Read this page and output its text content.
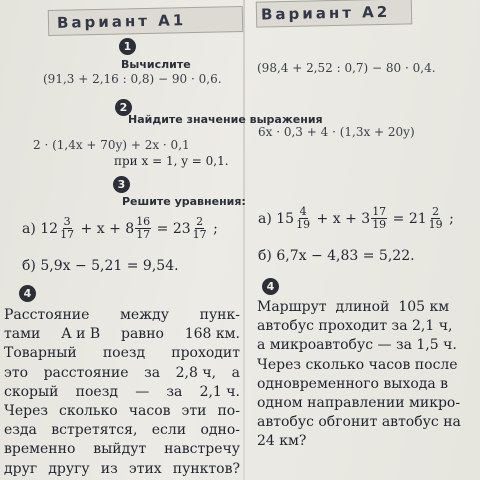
Вариант А1	Вариант А2
1
Вычислите
(91,3 + 2,16 : 0,8) − 90 · 0,6.
(98,4 + 2,52 : 0,7) − 80 · 0,4.
2
Найдите значение выражения
2 · (1,4x + 70y) + 2x · 0,1
6x · 0,3 + 4 · (1,3x + 20y)
при x = 1, y = 0,1.
3
Решите уравнения:
а) $12 \frac{3}{17} + x + 8 \frac{16}{17} = 23 \frac{2}{17}$ ;
б) 5,9x − 5,21 = 9,54.
а) $15 \frac{4}{19} + x + 3 \frac{17}{19} = 21 \frac{2}{19}$ ;
б) 6,7x − 4,83 = 5,22.
4
4
Расстояние между пунк-
тами А и В равно 168 км.
Товарный поезд проходит
это расстояние за 2,8 ч, а
скорый поезд — за 2,1 ч.
Через сколько часов эти по-
езда встретятся, если одно-
временно выйдут навстречу
друг другу из этих пунктов?
Маршрут  длиной  105 км
автобус проходит за 2,1 ч,
а микроавтобус — за 1,5 ч.
Через сколько часов после
одновременного выхода в
одном направлении микро-
автобус обгонит автобус на
24 км?
